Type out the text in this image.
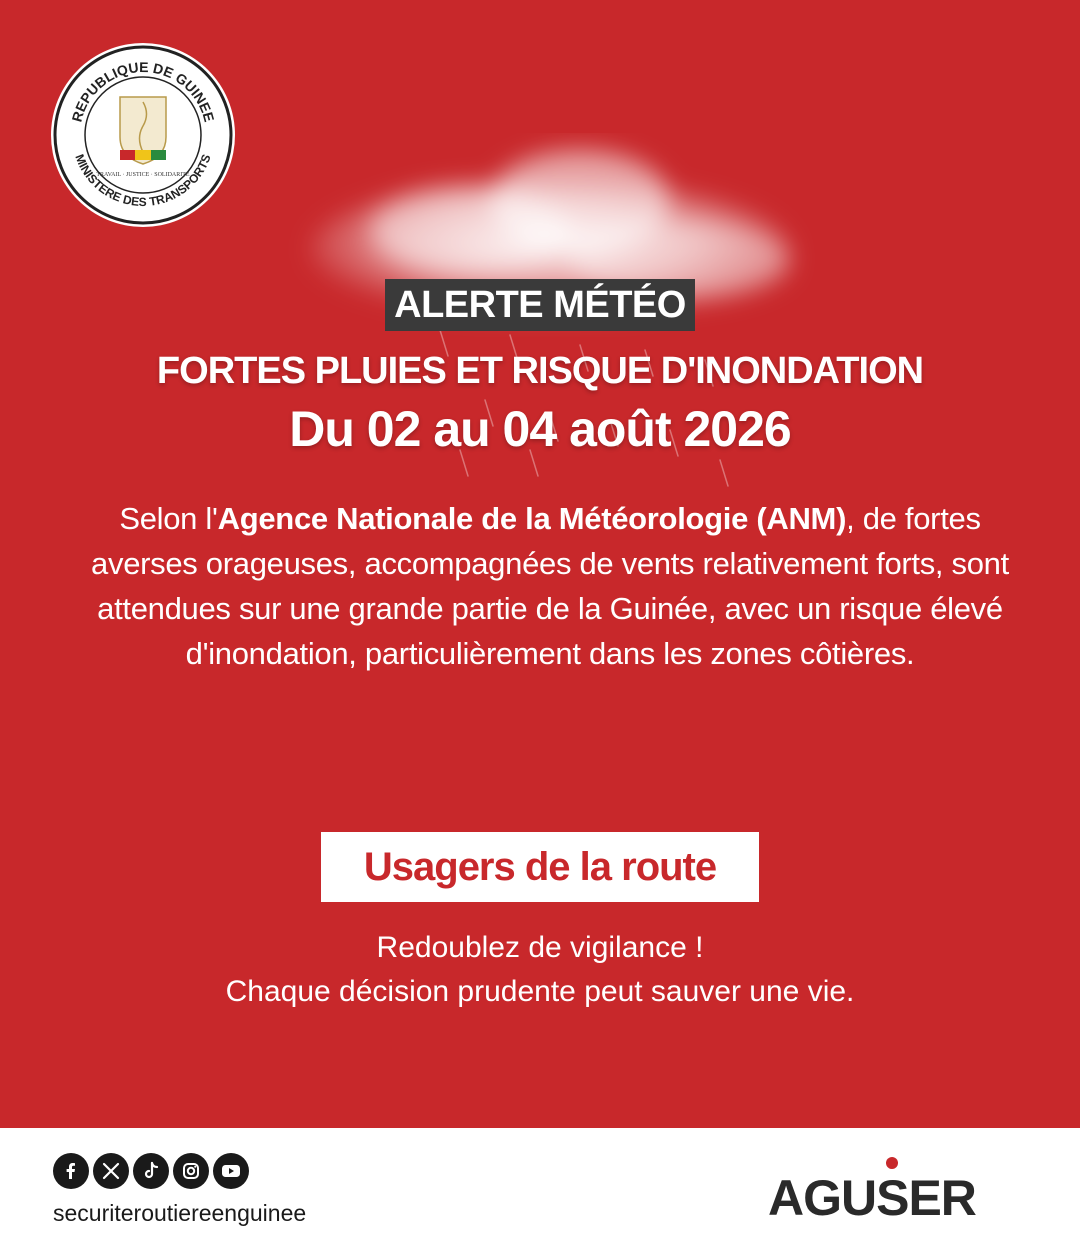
REPUBLIQUE DE GUINEE
MINISTERE DES TRANSPORTS
TRAVAIL · JUSTICE · SOLIDARITE
ALERTE MÉTÉO
FORTES PLUIES ET RISQUE D'INONDATION
Du 02 au 04 août 2026
Selon l'Agence Nationale de la Météorologie (ANM), de fortes averses orageuses, accompagnées de vents relativement forts, sont attendues sur une grande partie de la Guinée, avec un risque élevé d'inondation, particulièrement dans les zones côtières.
Usagers de la route
Redoublez de vigilance !
Chaque décision prudente peut sauver une vie.
securiteroutiereenguinee	AGUSER
